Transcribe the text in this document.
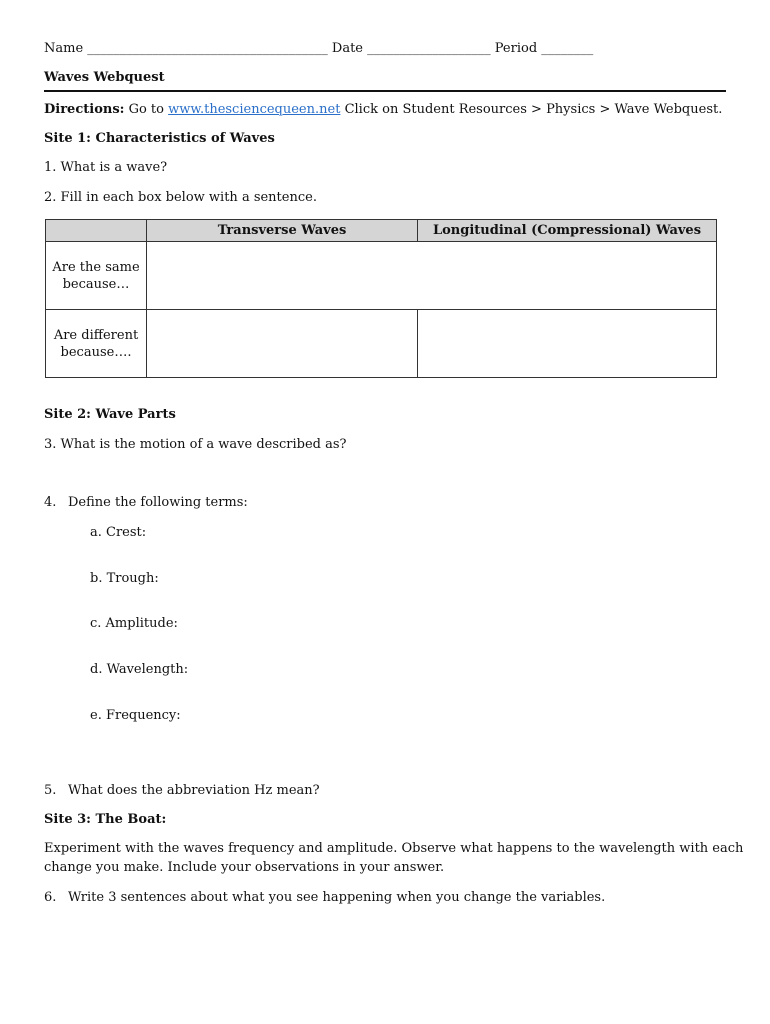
Name _____________________________________ Date ___________________ Period ________
Waves Webquest
Directions: Go to www.thesciencequeen.net Click on Student Resources > Physics > Wave Webquest.
Site 1: Characteristics of Waves
1. What is a wave?
2. Fill in each box below with a sentence.
	Transverse Waves	Longitudinal (Compressional) Waves
Are the same
because…		
Are different
because….		
Site 2: Wave Parts
3. What is the motion of a wave described as?
4. Define the following terms:
a. Crest:
b. Trough:
c. Amplitude:
d. Wavelength:
e. Frequency:
5. What does the abbreviation Hz mean?
Site 3: The Boat:
Experiment with the waves frequency and amplitude. Observe what happens to the wavelength with each
change you make. Include your observations in your answer.
6. Write 3 sentences about what you see happening when you change the variables.
